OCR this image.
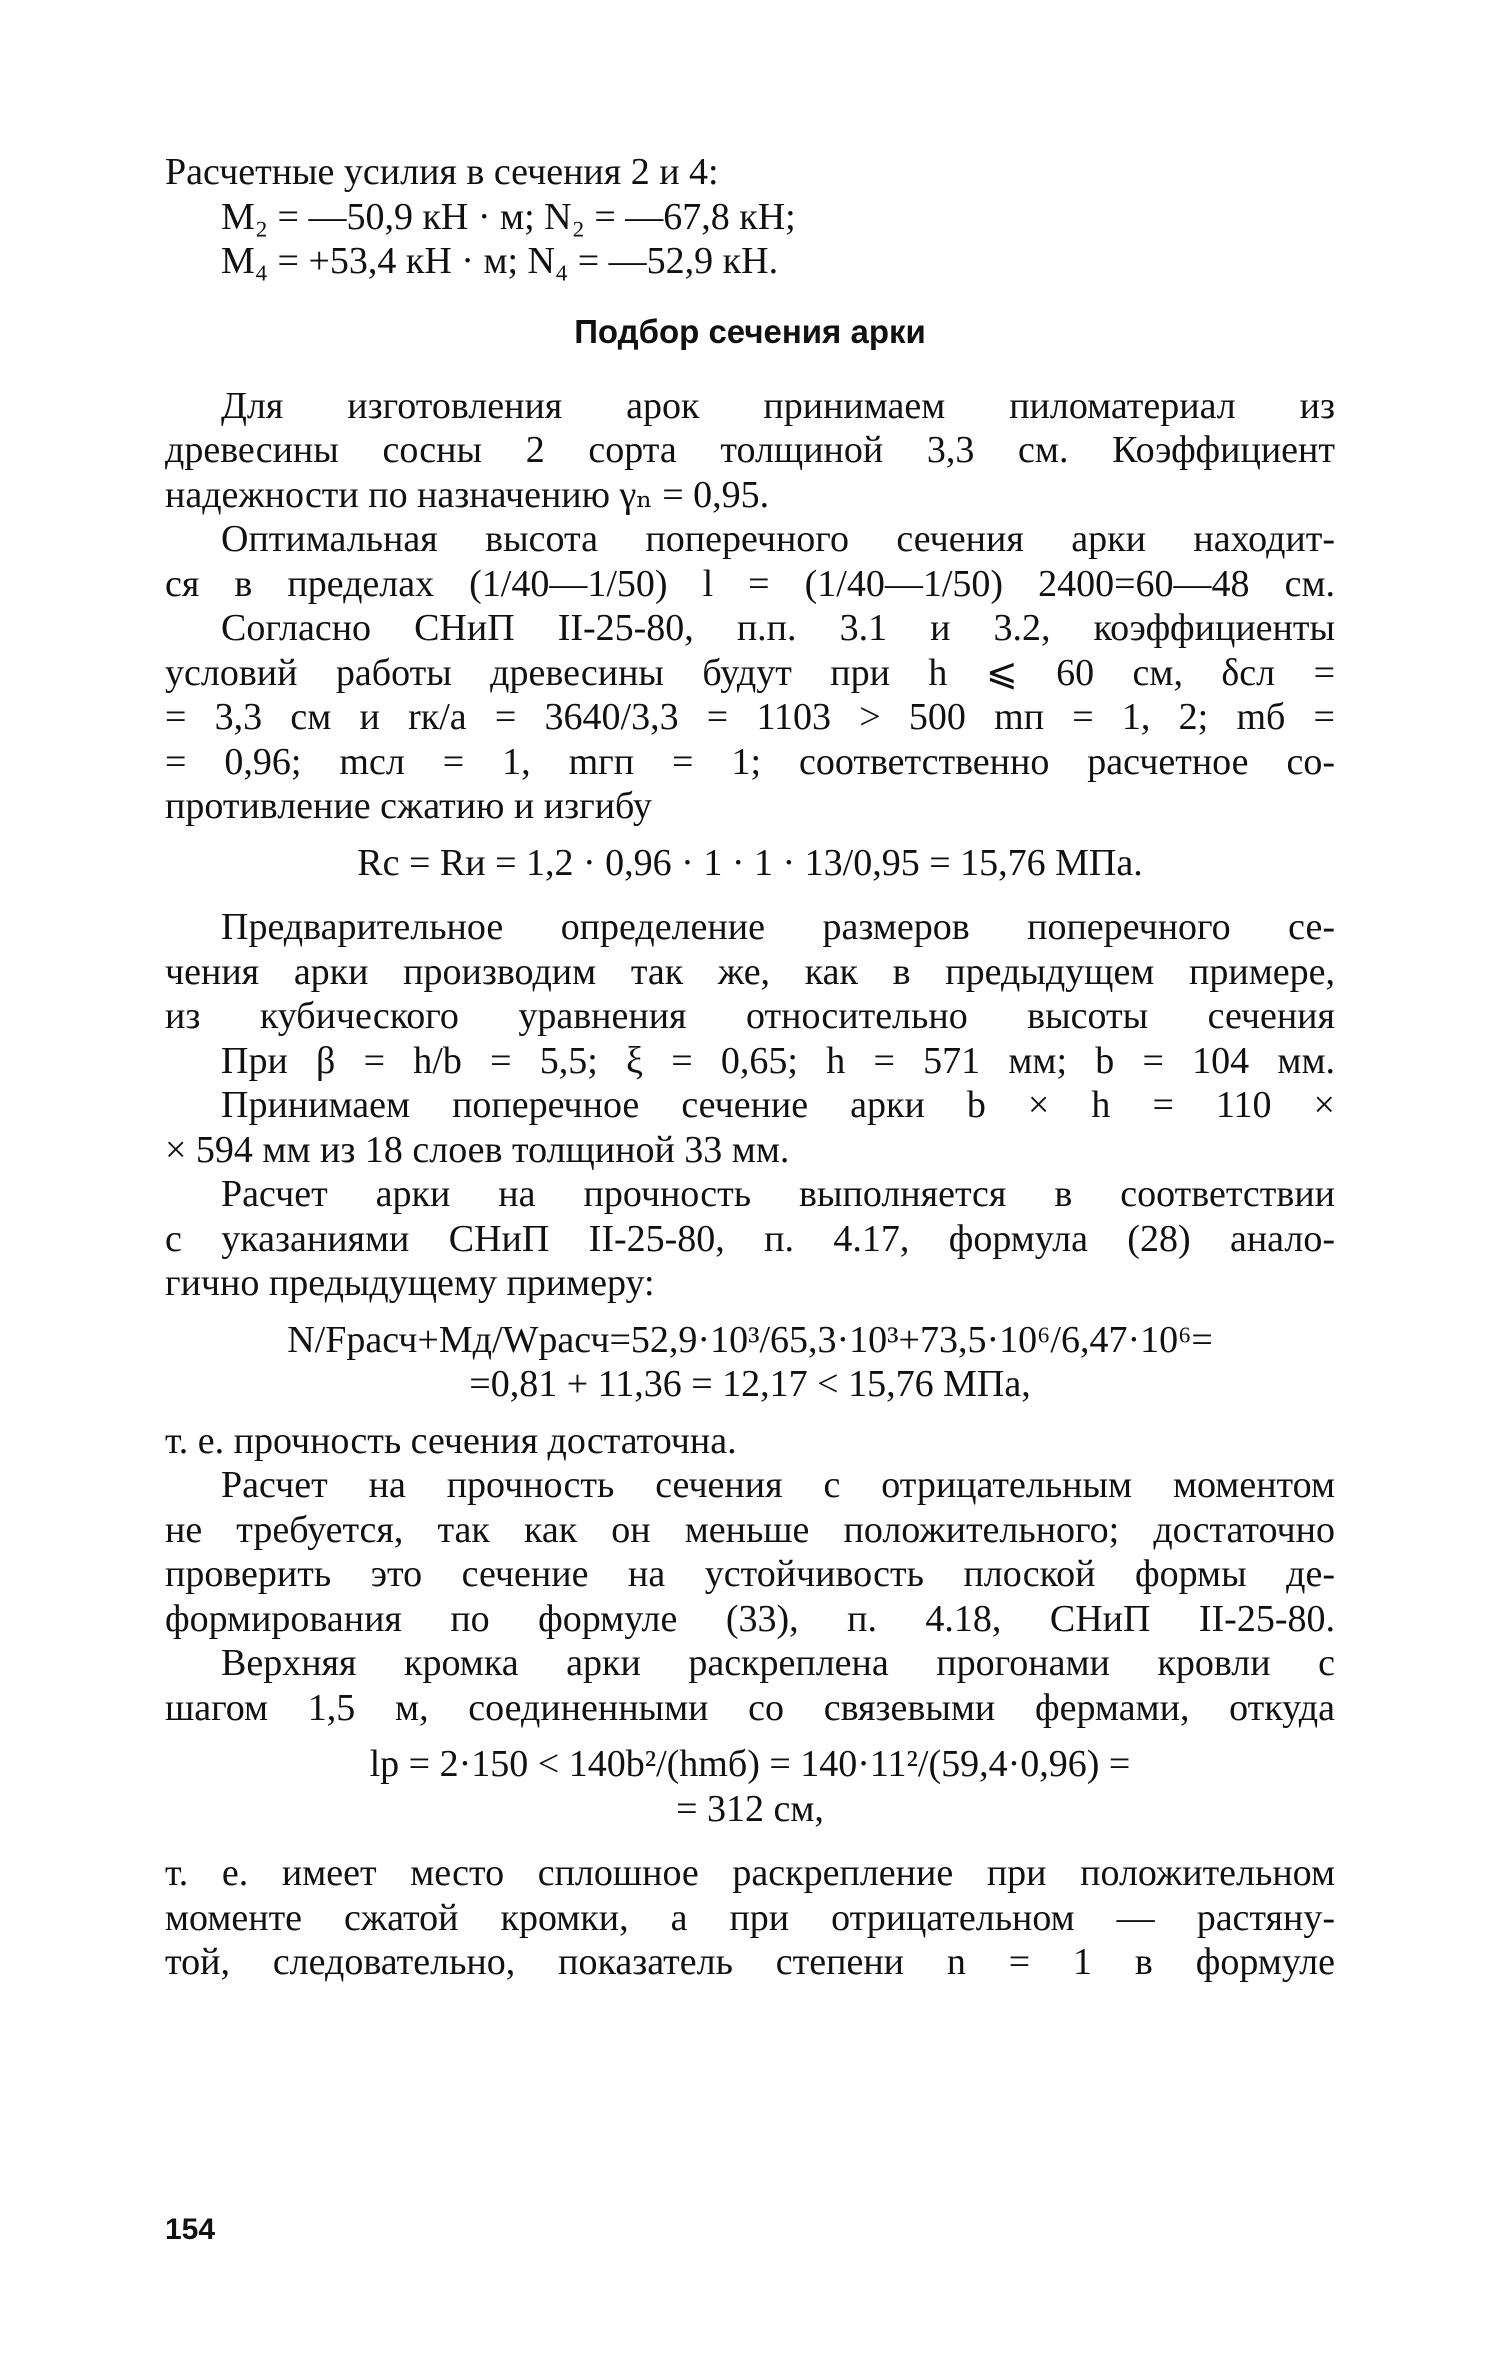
Расчетные усилия в сечения 2 и 4:
M₂ = —50,9 кН · м; N₂ = —67,8 кН;
M₄ = +53,4 кН · м; N₄ = —52,9 кН.
Подбор сечения арки
Для изготовления арок принимаем пиломатериал из
древесины сосны 2 сорта толщиной 3,3 см. Коэффициент
надежности по назначению γₙ = 0,95.
Оптимальная высота поперечного сечения арки находит-
ся в пределах (1/40—1/50) l = (1/40—1/50) 2400=60—48 см.
Согласно СНиП II-25-80, п.п. 3.1 и 3.2, коэффициенты
условий работы древесины будут при h ⩽ 60 см, δсл =
= 3,3 см и rк/a = 3640/3,3 = 1103 > 500 mп = 1, 2; mб =
= 0,96; mсл = 1, mгп = 1; соответственно расчетное со-
противление сжатию и изгибу
Rс = Rи = 1,2 · 0,96 · 1 · 1 · 13/0,95 = 15,76 МПа.
Предварительное определение размеров поперечного се-
чения арки производим так же, как в предыдущем примере,
из кубического уравнения относительно высоты сечения
При β = h/b = 5,5; ξ = 0,65; h = 571 мм; b = 104 мм.
Принимаем поперечное сечение арки b × h = 110 ×
× 594 мм из 18 слоев толщиной 33 мм.
Расчет арки на прочность выполняется в соответствии
с указаниями СНиП II-25-80, п. 4.17, формула (28) анало-
гично предыдущему примеру:
N/Fрасч+Mд/Wрасч=52,9·10³/65,3·10³+73,5·10⁶/6,47·10⁶=
=0,81 + 11,36 = 12,17 < 15,76 МПа,
т. е. прочность сечения достаточна.
Расчет на прочность сечения с отрицательным моментом
не требуется, так как он меньше положительного; достаточно
проверить это сечение на устойчивость плоской формы де-
формирования по формуле (33), п. 4.18, СНиП II-25-80.
Верхняя кромка арки раскреплена прогонами кровли с
шагом 1,5 м, соединенными со связевыми фермами, откуда
lp = 2·150 < 140b²/(hmб) = 140·11²/(59,4·0,96) =
= 312 см,
т. е. имеет место сплошное раскрепление при положительном
моменте сжатой кромки, а при отрицательном — растяну-
той, следовательно, показатель степени n = 1 в формуле
154
